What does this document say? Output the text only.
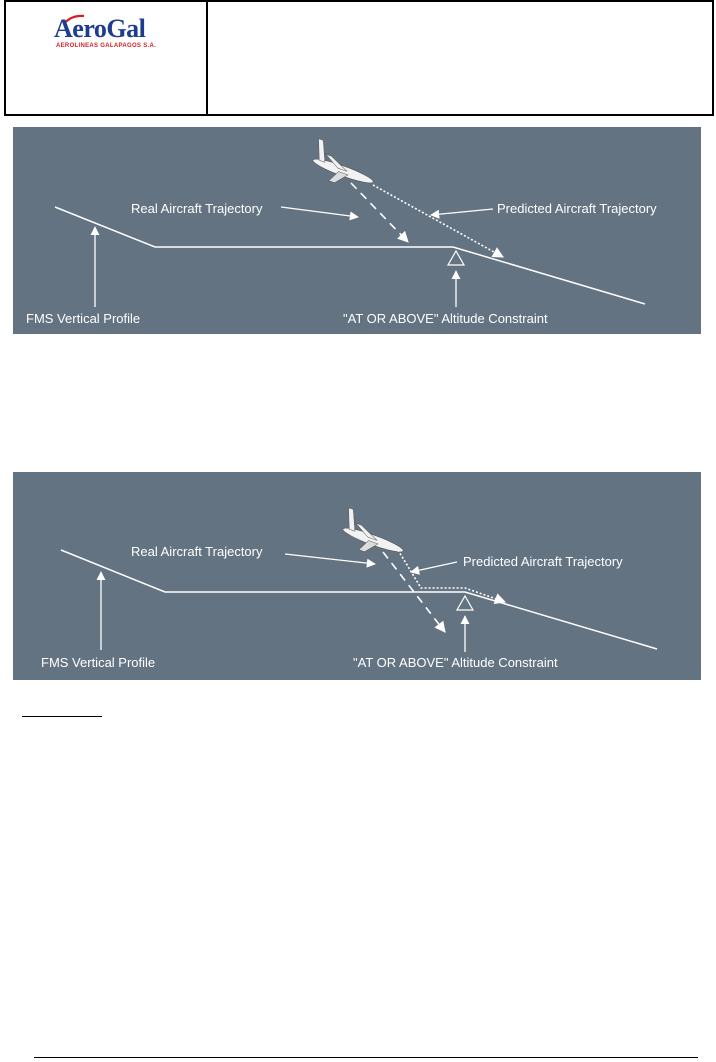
AeroGal
AEROLINEAS GALAPAGOS S.A.
Real Aircraft Trajectory	Predicted Aircraft Trajectory
FMS Vertical Profile	"AT OR ABOVE" Altitude Constraint
Real Aircraft Trajectory
Predicted Aircraft Trajectory
FMS Vertical Profile	"AT OR ABOVE" Altitude Constraint
